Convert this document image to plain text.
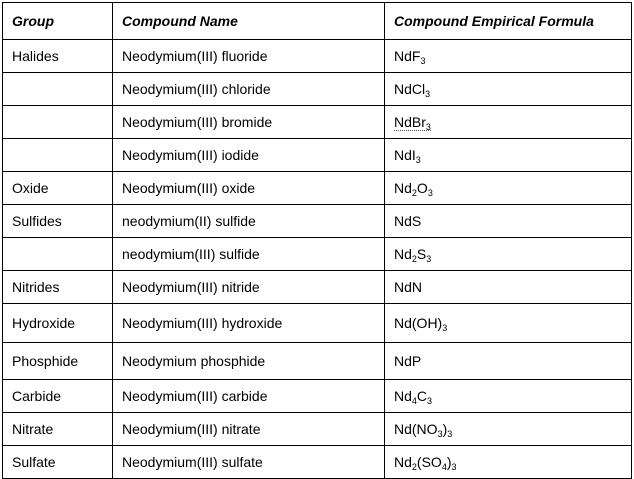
Group	Compound Name	Compound Empirical Formula
Halides	Neodymium(III) fluoride	NdF$_3$
	Neodymium(III) chloride	NdCl$_3$
	Neodymium(III) bromide	NdBr$_3$
	Neodymium(III) iodide	NdI$_3$
Oxide	Neodymium(III) oxide	$Nd_2O_3$
Sulfides	neodymium(II) sulfide	NdS
	neodymium(III) sulfide	$Nd_2S_3$
Nitrides	Neodymium(III) nitride	NdN
Hydroxide	Neodymium(III) hydroxide	$Nd(OH)_3$
Phosphide	Neodymium phosphide	NdP
Carbide	Neodymium(III) carbide	$Nd_4C_3$
Nitrate	Neodymium(III) nitrate	$Nd(NO_3)_3$
Sulfate	Neodymium(III) sulfate	$Nd_2(SO_4)_3$
